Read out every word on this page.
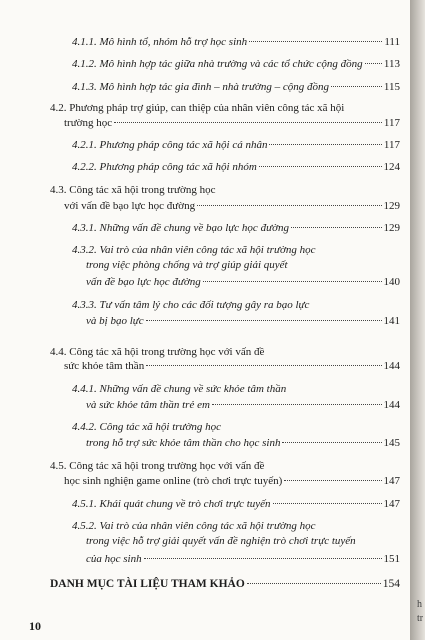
4.1.1. Mô hình tổ, nhóm hỗ trợ học sinh	111
4.1.2. Mô hình hợp tác giữa nhà trường và các tổ chức cộng đồng 113
4.1.3. Mô hình hợp tác gia đình – nhà trường – cộng đồng	115
4.2. Phương pháp trợ giúp, can thiệp của nhân viên công tác xã hội
trường học	117
4.2.1. Phương pháp công tác xã hội cá nhân	117
4.2.2. Phương pháp công tác xã hội nhóm	124
4.3. Công tác xã hội trong trường học
với vấn đề bạo lực học đường	129
4.3.1. Những vấn đề chung về bạo lực học đường	129
4.3.2. Vai trò của nhân viên công tác xã hội trường học
trong việc phòng chống và trợ giúp giải quyết
vấn đề bạo lực học đường	140
4.3.3. Tư vấn tâm lý cho các đối tượng gây ra bạo lực
và bị bạo lực	141
4.4. Công tác xã hội trong trường học với vấn đề
sức khỏe tâm thần	144
4.4.1. Những vấn đề chung về sức khỏe tâm thần
và sức khỏe tâm thần trẻ em	144
4.4.2. Công tác xã hội trường học
trong hỗ trợ sức khỏe tâm thần cho học sinh	145
4.5. Công tác xã hội trong trường học với vấn đề
học sinh nghiện game online (trò chơi trực tuyến)	147
4.5.1. Khái quát chung về trò chơi trực tuyến	147
4.5.2. Vai trò của nhân viên công tác xã hội trường học
trong việc hỗ trợ giải quyết vấn đề nghiện trò chơi trực tuyến
của học sinh	151
DANH MỤC TÀI LIỆU THAM KHẢO	154
10
h
tr
